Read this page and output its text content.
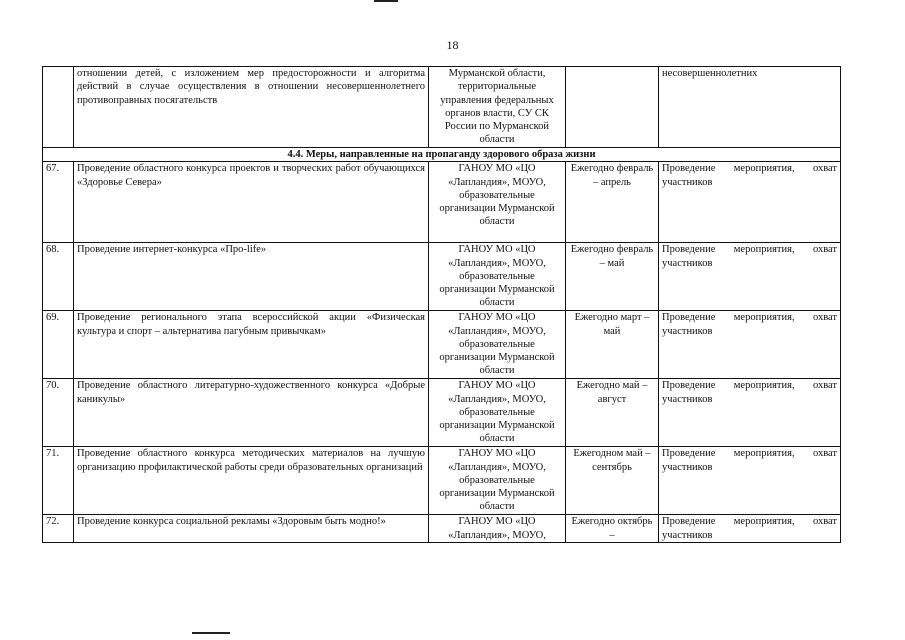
18
	отношении детей, с изложением мер предосторожности и алгоритма действий в случае осуществления в отношении несовершеннолетнего противоправных посягательств	Мурманской области, территориальные управления федеральных органов власти, СУ СК России по Мурманской области		несовершеннолетних
4.4. Меры, направленные на пропаганду здорового образа жизни				
67.	Проведение областного конкурса проектов и творческих работ обучающихся «Здоровье Севера»	ГАНОУ МО «ЦО «Лапландия», МОУО, образовательные организации Мурманской области	Ежегодно февраль – апрель	Проведение мероприятия, охват участников
68.	Проведение интернет-конкурса «Про-life»	ГАНОУ МО «ЦО «Лапландия», МОУО, образовательные организации Мурманской области	Ежегодно февраль – май	Проведение мероприятия, охват участников
69.	Проведение регионального этапа всероссийской акции «Физическая культура и спорт – альтернатива пагубным привычкам»	ГАНОУ МО «ЦО «Лапландия», МОУО, образовательные организации Мурманской области	Ежегодно март – май	Проведение мероприятия, охват участников
70.	Проведение областного литературно-художественного конкурса «Добрые каникулы»	ГАНОУ МО «ЦО «Лапландия», МОУО, образовательные организации Мурманской области	Ежегодно май – август	Проведение мероприятия, охват участников
71.	Проведение областного конкурса методических материалов на лучшую организацию профилактической работы среди образовательных организаций	ГАНОУ МО «ЦО «Лапландия», МОУО, образовательные организации Мурманской области	Ежегодном май – сентябрь	Проведение мероприятия, охват участников
72.	Проведение конкурса социальной рекламы «Здоровым быть модно!»	ГАНОУ МО «ЦО «Лапландия», МОУО,	Ежегодно октябрь –	Проведение мероприятия, охват участников
